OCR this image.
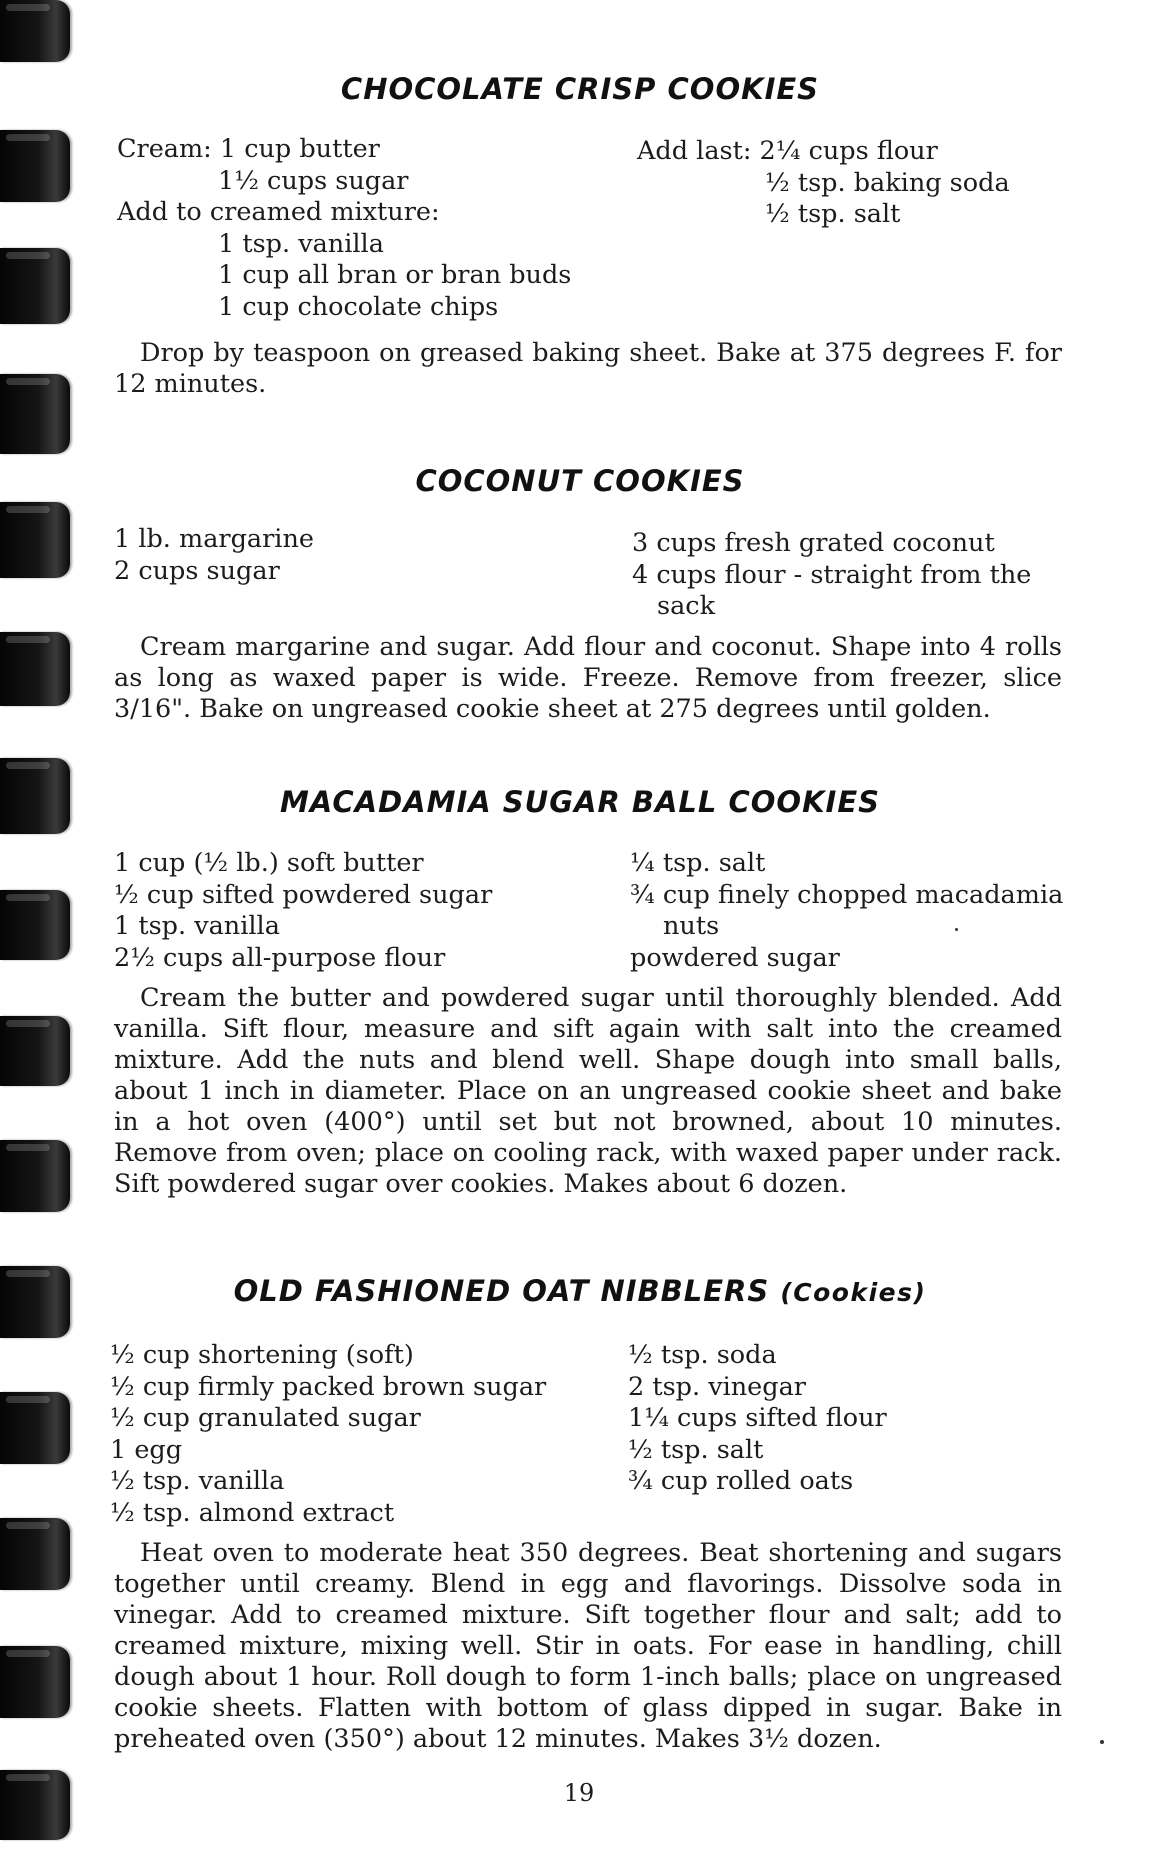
CHOCOLATE CRISP COOKIES
Cream: 1 cup butter
1½ cups sugar
Add to creamed mixture:
1 tsp. vanilla
1 cup all bran or bran buds
1 cup chocolate chips
Add last: 2¼ cups flour
½ tsp. baking soda
½ tsp. salt

Drop by teaspoon on greased baking sheet. Bake at 375 degrees F. for 12 minutes.

COCONUT COOKIES
1 lb. margarine
2 cups sugar
3 cups fresh grated coconut
4 cups flour - straight from the
sack

Cream margarine and sugar. Add flour and coconut. Shape into 4 rolls as long as waxed paper is wide. Freeze. Remove from freezer, slice 3/16". Bake on ungreased cookie sheet at 275 degrees until golden.

MACADAMIA SUGAR BALL COOKIES
1 cup (½ lb.) soft butter
½ cup sifted powdered sugar
1 tsp. vanilla
2½ cups all-purpose flour
¼ tsp. salt
¾ cup finely chopped macadamia
nuts
powdered sugar

Cream the butter and powdered sugar until thoroughly blended. Add vanilla. Sift flour, measure and sift again with salt into the creamed mixture. Add the nuts and blend well. Shape dough into small balls, about 1 inch in diameter. Place on an ungreased cookie sheet and bake in a hot oven (400°) until set but not browned, about 10 minutes. Remove from oven; place on cooling rack, with waxed paper under rack. Sift powdered sugar over cookies. Makes about 6 dozen.

OLD FASHIONED OAT NIBBLERS (Cookies)
½ cup shortening (soft)
½ cup firmly packed brown sugar
½ cup granulated sugar
1 egg
½ tsp. vanilla
½ tsp. almond extract
½ tsp. soda
2 tsp. vinegar
1¼ cups sifted flour
½ tsp. salt
¾ cup rolled oats

Heat oven to moderate heat 350 degrees. Beat shortening and sugars together until creamy. Blend in egg and flavorings. Dissolve soda in vinegar. Add to creamed mixture. Sift together flour and salt; add to creamed mixture, mixing well. Stir in oats. For ease in handling, chill dough about 1 hour. Roll dough to form 1-inch balls; place on ungreased cookie sheets. Flatten with bottom of glass dipped in sugar. Bake in preheated oven (350°) about 12 minutes. Makes 3½ dozen.

19
